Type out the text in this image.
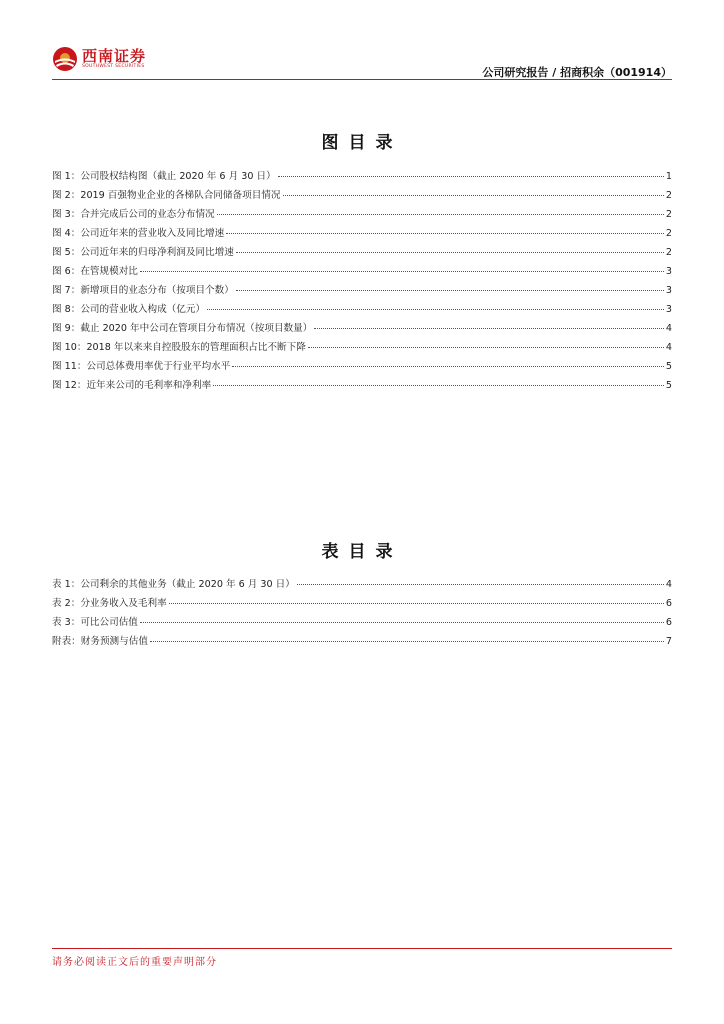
西南证券
SOUTHWEST SECURITIES	公司研究报告 / 招商积余（001914）
图目录
图 1：公司股权结构图（截止 2020 年 6 月 30 日）	1
图 2：2019 百强物业企业的各梯队合同储备项目情况	2
图 3：合并完成后公司的业态分布情况	2
图 4：公司近年来的营业收入及同比增速	2
图 5：公司近年来的归母净利润及同比增速	2
图 6：在管规模对比	3
图 7：新增项目的业态分布（按项目个数）	3
图 8：公司的营业收入构成（亿元）	3
图 9：截止 2020 年中公司在管项目分布情况（按项目数量）	4
图 10：2018 年以来来自控股股东的管理面积占比不断下降	4
图 11：公司总体费用率优于行业平均水平	5
图 12：近年来公司的毛利率和净利率	5
表目录
表 1：公司剩余的其他业务（截止 2020 年 6 月 30 日）	4
表 2：分业务收入及毛利率	6
表 3：可比公司估值	6
附表：财务预测与估值	7
请务必阅读正文后的重要声明部分
